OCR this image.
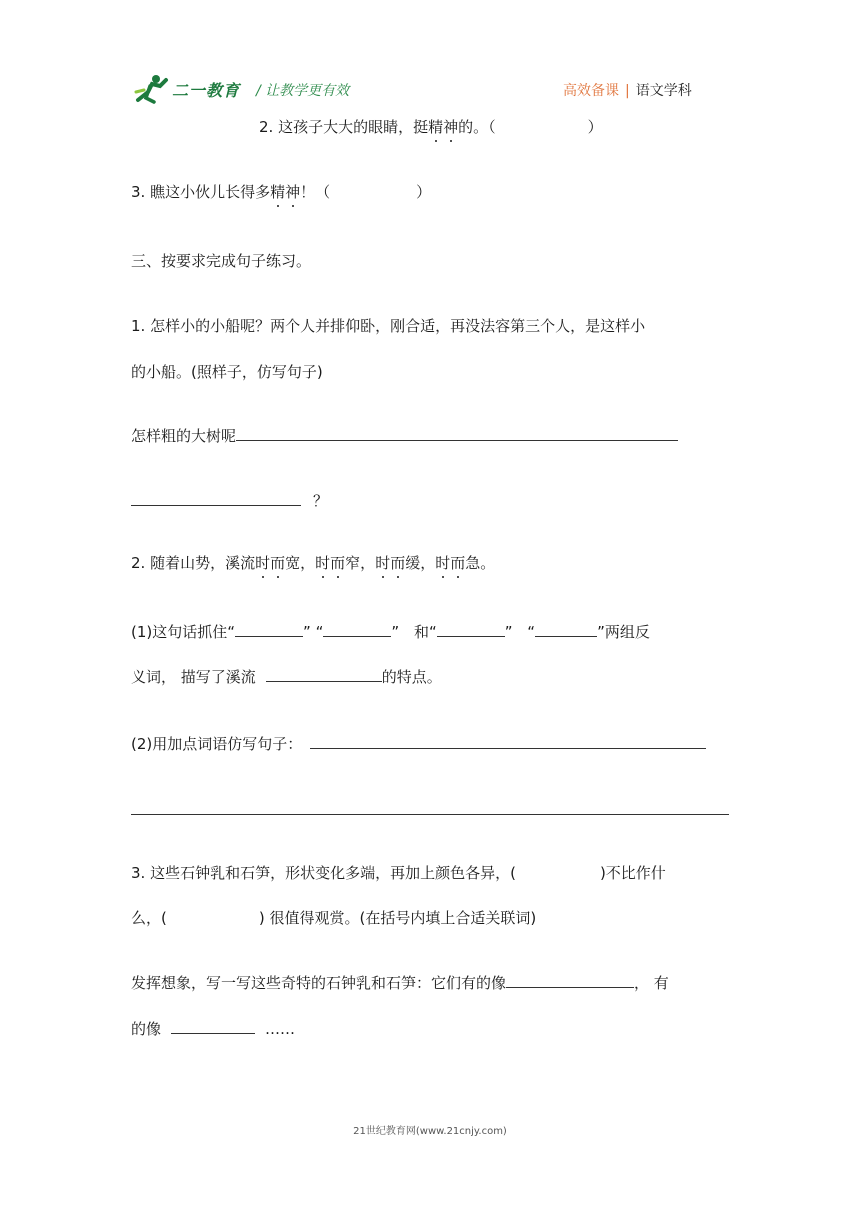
二一教育 / 让教学更有效	高效备课 | 语文学科
2. 这孩子大大的眼睛，挺精神的。（	）
3. 瞧这小伙儿长得多精神！（	）
三、按要求完成句子练习。
1. 怎样小的小船呢？两个人并排仰卧，刚合适，再没法容第三个人，是这样小
的小船。(照样子，仿写句子)
怎样粗的大树呢
？
2. 随着山势，溪流时而宽，时而窄，时而缓，时而急。
(1)这句话抓住“	” “	” 和“	” “	”两组反
义词， 描写了溪流	的特点。
(2)用加点词语仿写句子：
3. 这些石钟乳和石笋，形状变化多端，再加上颜色各异，(	)不比作什
么，(	) 很值得观赏。(在括号内填上合适关联词)
发挥想象，写一写这些奇特的石钟乳和石笋：它们有的像	， 有
的像	……
21世纪教育网(www.21cnjy.com)
